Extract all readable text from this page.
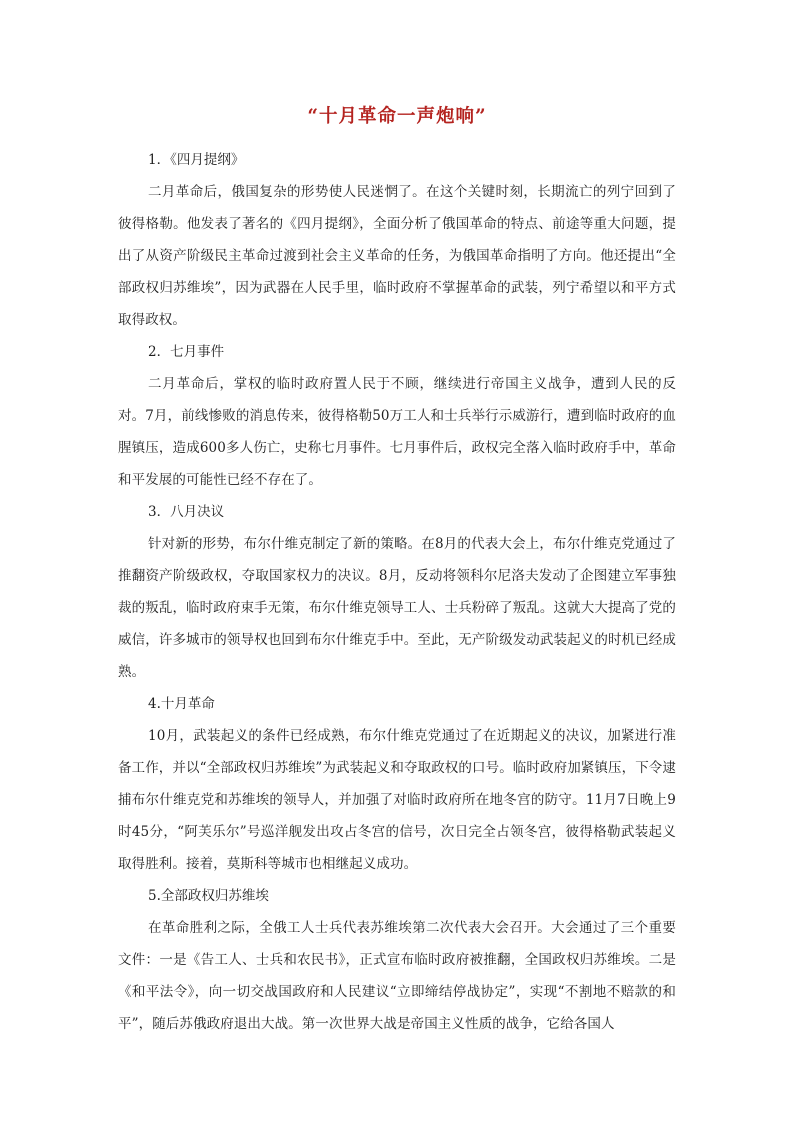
“十月革命一声炮响”

1．《四月提纲》

二月革命后，俄国复杂的形势使人民迷惘了。在这个关键时刻，长期流亡的列宁回到了彼得格勒。他发表了著名的《四月提纲》，全面分析了俄国革命的特点、前途等重大问题，提出了从资产阶级民主革命过渡到社会主义革命的任务，为俄国革命指明了方向。他还提出“全部政权归苏维埃”，因为武器在人民手里，临时政府不掌握革命的武装，列宁希望以和平方式取得政权。

2．七月事件

二月革命后，掌权的临时政府置人民于不顾，继续进行帝国主义战争，遭到人民的反对。7月，前线惨败的消息传来，彼得格勒50万工人和士兵举行示威游行，遭到临时政府的血腥镇压，造成600多人伤亡，史称七月事件。七月事件后，政权完全落入临时政府手中，革命和平发展的可能性已经不存在了。

3．八月决议

针对新的形势，布尔什维克制定了新的策略。在8月的代表大会上，布尔什维克党通过了推翻资产阶级政权，夺取国家权力的决议。8月，反动将领科尔尼洛夫发动了企图建立军事独裁的叛乱，临时政府束手无策，布尔什维克领导工人、士兵粉碎了叛乱。这就大大提高了党的威信，许多城市的领导权也回到布尔什维克手中。至此，无产阶级发动武装起义的时机已经成熟。

4.十月革命

10月，武装起义的条件已经成熟，布尔什维克党通过了在近期起义的决议，加紧进行准备工作，并以“全部政权归苏维埃”为武装起义和夺取政权的口号。临时政府加紧镇压，下令逮捕布尔什维克党和苏维埃的领导人，并加强了对临时政府所在地冬宫的防守。11月7日晚上9时45分，“阿芙乐尔”号巡洋舰发出攻占冬宫的信号，次日完全占领冬宫，彼得格勒武装起义取得胜利。接着，莫斯科等城市也相继起义成功。

5.全部政权归苏维埃

在革命胜利之际，全俄工人士兵代表苏维埃第二次代表大会召开。大会通过了三个重要文件：一是《告工人、士兵和农民书》，正式宣布临时政府被推翻，全国政权归苏维埃。二是《和平法令》，向一切交战国政府和人民建议“立即缔结停战协定”，实现“不割地不赔款的和平”，随后苏俄政府退出大战。第一次世界大战是帝国主义性质的战争，它给各国人
